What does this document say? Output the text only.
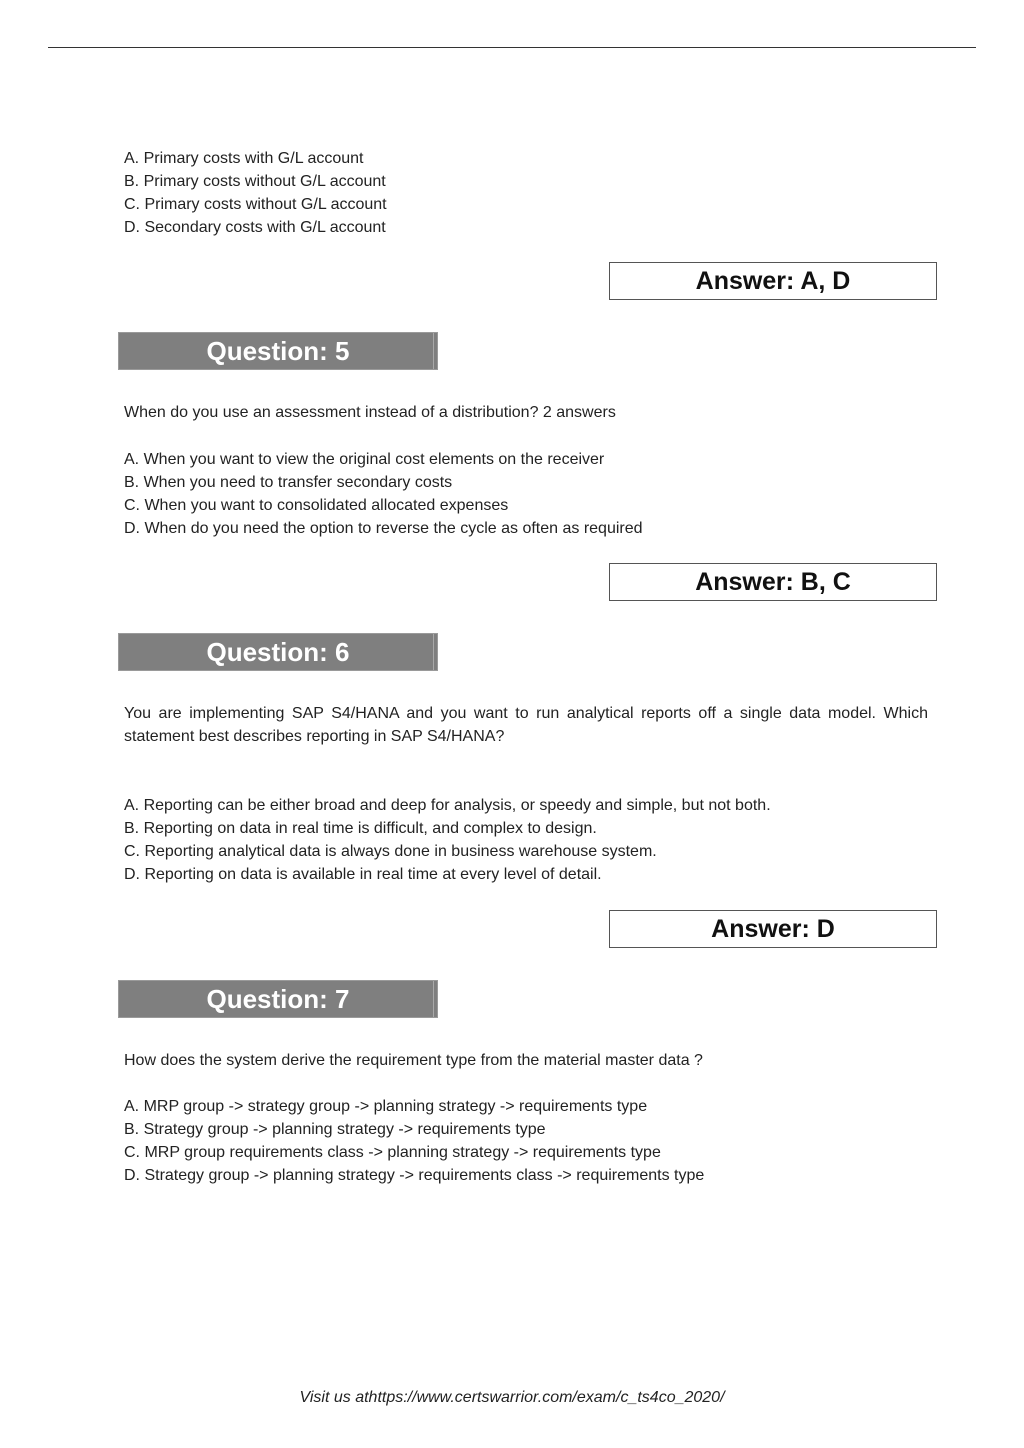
A. Primary costs with G/L account
B. Primary costs without G/L account
C. Primary costs without G/L account
D. Secondary costs with G/L account
Answer: A, D
Question: 5

When do you use an assessment instead of a distribution? 2 answers

A. When you want to view the original cost elements on the receiver
B. When you need to transfer secondary costs
C. When you want to consolidated allocated expenses
D. When do you need the option to reverse the cycle as often as required
Answer: B, C
Question: 6

You are implementing SAP S4/HANA and you want to run analytical reports off a single data model. Which statement best describes reporting in SAP S4/HANA?

A. Reporting can be either broad and deep for analysis, or speedy and simple, but not both.
B. Reporting on data in real time is difficult, and complex to design.
C. Reporting analytical data is always done in business warehouse system.
D. Reporting on data is available in real time at every level of detail.
Answer: D
Question: 7

How does the system derive the requirement type from the material master data ?

A. MRP group -> strategy group -> planning strategy -> requirements type
B. Strategy group -> planning strategy -> requirements type
C. MRP group requirements class -> planning strategy -> requirements type
D. Strategy group -> planning strategy -> requirements class -> requirements type
Visit us athttps://www.certswarrior.com/exam/c_ts4co_2020/
